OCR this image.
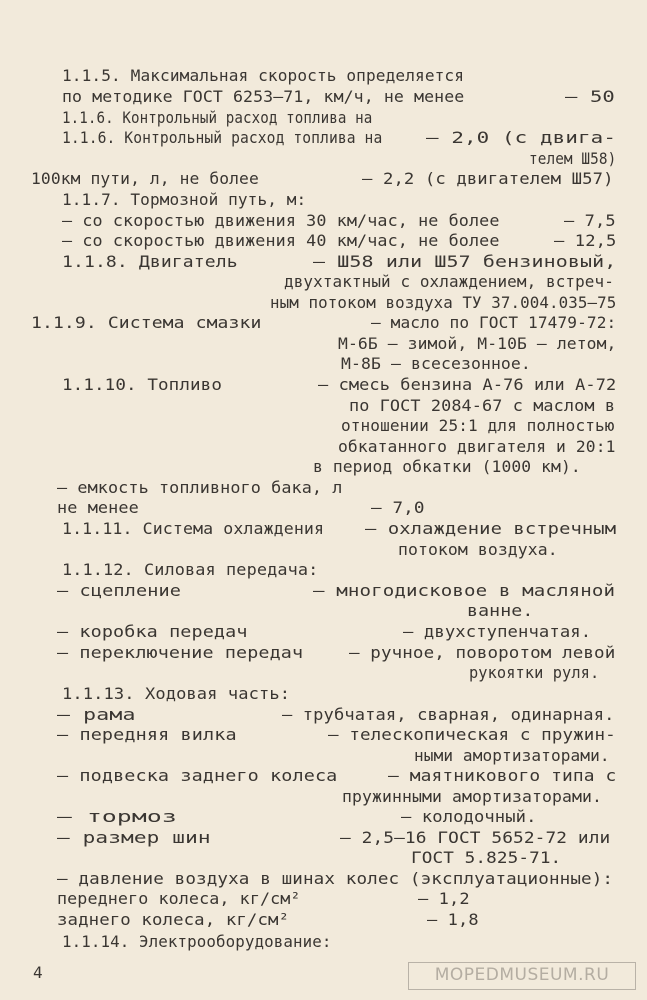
1.1.5. Максимальная скорость определяется
по методике ГОСТ 6253—71, км/ч, не менее	— 50
1.1.6. Контрольный расход топлива на
1.1.6. Контрольный расход топлива на	— 2,0 (с двига-
телем Ш58)
100км пути, л, не более	— 2,2 (с двигателем Ш57)
1.1.7. Тормозной путь, м:
— со скоростью движения 30 км/час, не более	— 7,5
— со скоростью движения 40 км/час, не более	— 12,5
1.1.8. Двигатель	— Ш58 или Ш57 бензиновый,
двухтактный с охлаждением, встреч-
ным потоком воздуха ТУ 37.004.035—75
1.1.9. Система смазки	— масло по ГОСТ 17479-72:
М-6Б — зимой, М-10Б — летом,
М-8Б — всесезонное.
1.1.10. Топливо	— смесь бензина А-76 или А-72
по ГОСТ 2084-67 с маслом в
отношении 25:1 для полностью
обкатанного двигателя и 20:1
в период обкатки (1000 км).
— емкость топливного бака, л
не менее	— 7,0
1.1.11. Система охлаждения	— охлаждение встречным
потоком воздуха.
1.1.12. Силовая передача:
— сцепление	— многодисковое в масляной
ванне.
— коробка передач	— двухступенчатая.
— переключение передач	— ручное, поворотом левой
рукоятки руля.
1.1.13. Ходовая часть:
— рама	— трубчатая, сварная, одинарная.
— передняя вилка	— телескопическая с пружин-
ными амортизаторами.
— подвеска заднего колеса	— маятникового типа с
пружинными амортизаторами.
— тормоз	— колодочный.
— размер шин	— 2,5—16 ГОСТ 5652-72 или
ГОСТ 5.825-71.
— давление воздуха в шинах колес (эксплуатационные):
переднего колеса, кг/см²	— 1,2
заднего колеса, кг/см²	— 1,8
1.1.14. Электрооборудование:
4	MOPEDMUSEUM.RU
